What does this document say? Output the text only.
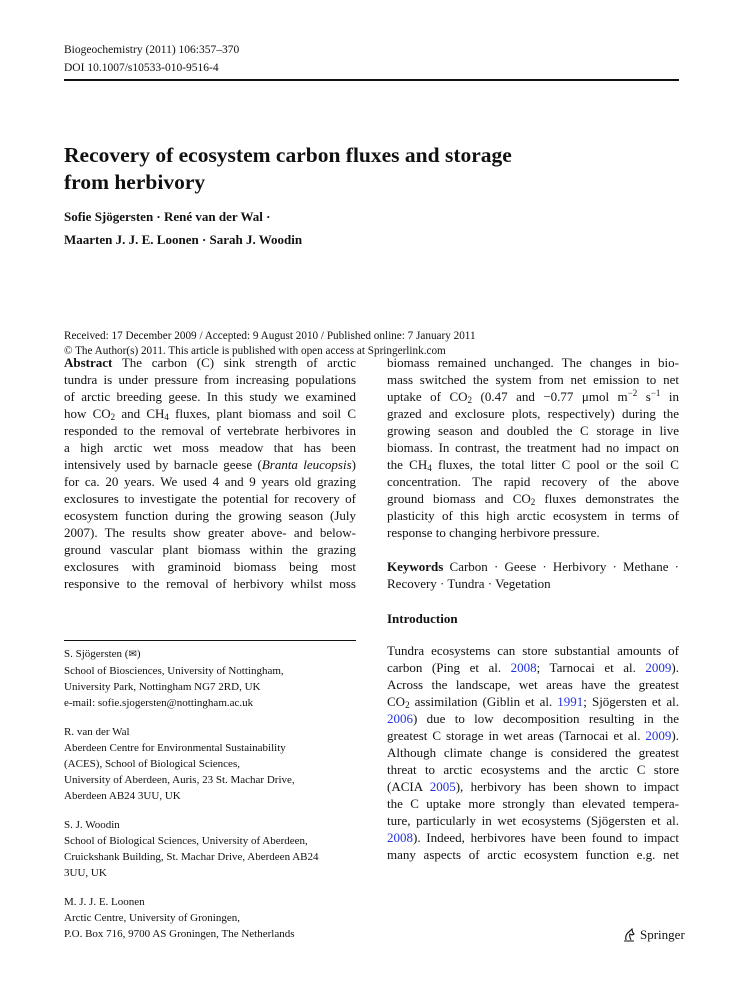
Biogeochemistry (2011) 106:357–370
DOI 10.1007/s10533-010-9516-4
Recovery of ecosystem carbon fluxes and storage
from herbivory
Sofie Sjögersten · René van der Wal ·
Maarten J. J. E. Loonen · Sarah J. Woodin
Received: 17 December 2009 / Accepted: 9 August 2010 / Published online: 7 January 2011
© The Author(s) 2011. This article is published with open access at Springerlink.com
Abstract The carbon (C) sink strength of arctic
tundra is under pressure from increasing populations
of arctic breeding geese. In this study we examined
how $CO_2$ and $CH_4$ fluxes, plant biomass and soil C
responded to the removal of vertebrate herbivores in
a high arctic wet moss meadow that has been
intensively used by barnacle geese (Branta leucopsis)
for ca. 20 years. We used 4 and 9 years old grazing
exclosures to investigate the potential for recovery of
ecosystem function during the growing season (July
2007). The results show greater above- and below-
ground vascular plant biomass within the grazing
exclosures with graminoid biomass being most
responsive to the removal of herbivory whilst moss
biomass remained unchanged. The changes in bio-
mass switched the system from net emission to net
uptake of $CO_2$ (0.47 and −0.77 μmol $m^{-2}$ $s^{-1}$ in
grazed and exclosure plots, respectively) during the
growing season and doubled the C storage in live
biomass. In contrast, the treatment had no impact on
the $CH_4$ fluxes, the total litter C pool or the soil C
concentration. The rapid recovery of the above
ground biomass and $CO_2$ fluxes demonstrates the
plasticity of this high arctic ecosystem in terms of
response to changing herbivore pressure.
Keywords Carbon · Geese · Herbivory · Methane ·
Recovery · Tundra · Vegetation
Introduction
Tundra ecosystems can store substantial amounts of
carbon (Ping et al. 2008; Tarnocai et al. 2009).
Across the landscape, wet areas have the greatest
$CO_2$ assimilation (Giblin et al. 1991; Sjögersten et al.
2006) due to low decomposition resulting in the
greatest C storage in wet areas (Tarnocai et al. 2009).
Although climate change is considered the greatest
threat to arctic ecosystems and the arctic C store
(ACIA 2005), herbivory has been shown to impact
the C uptake more strongly than elevated tempera-
ture, particularly in wet ecosystems (Sjögersten et al.
2008). Indeed, herbivores have been found to impact
many aspects of arctic ecosystem function e.g. net
S. Sjögersten (✉)
School of Biosciences, University of Nottingham,
University Park, Nottingham NG7 2RD, UK
e-mail: sofie.sjogersten@nottingham.ac.uk
R. van der Wal
Aberdeen Centre for Environmental Sustainability
(ACES), School of Biological Sciences,
University of Aberdeen, Auris, 23 St. Machar Drive,
Aberdeen AB24 3UU, UK
S. J. Woodin
School of Biological Sciences, University of Aberdeen,
Cruickshank Building, St. Machar Drive, Aberdeen AB24
3UU, UK
M. J. J. E. Loonen
Arctic Centre, University of Groningen,
P.O. Box 716, 9700 AS Groningen, The Netherlands	Springer
